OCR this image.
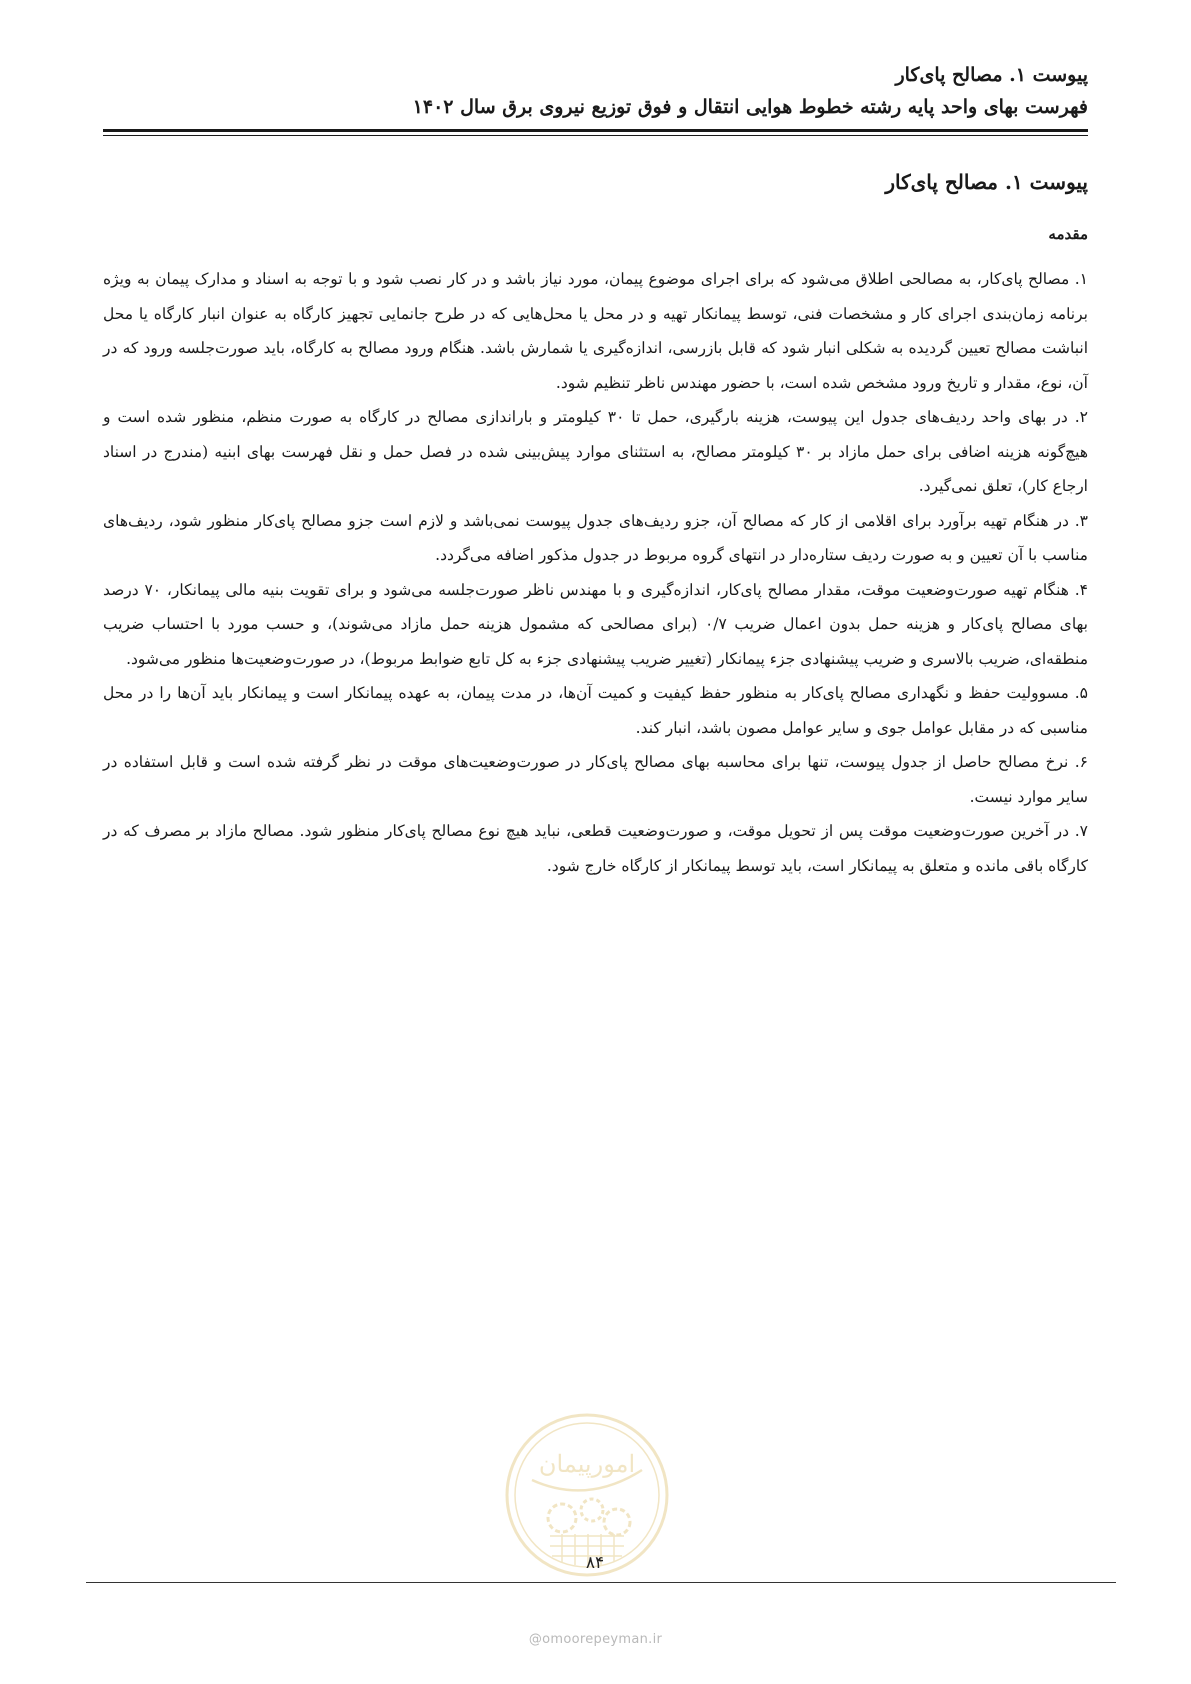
پیوست ۱. مصالح پای‌کار
فهرست بهای واحد پایه رشته خطوط هوایی انتقال و فوق توزیع نیروی برق سال ۱۴۰۲
پیوست ۱. مصالح پای‌کار
مقدمه

۱. مصالح پای‌کار، به مصالحی اطلاق می‌شود که برای اجرای موضوع پیمان، مورد نیاز باشد و در کار نصب شود و با توجه به اسناد و مدارک پیمان به ویژه برنامه زمان‌بندی اجرای کار و مشخصات فنی، توسط پیمانکار تهیه و در محل یا محل‌هایی که در طرح جانمایی تجهیز کارگاه به عنوان انبار کارگاه یا محل انباشت مصالح تعیین گردیده به شکلی انبار شود که قابل بازرسی، اندازه‌گیری یا شمارش باشد. هنگام ورود مصالح به کارگاه، باید صورت‌جلسه ورود که در آن، نوع، مقدار و تاریخ ورود مشخص شده است، با حضور مهندس ناظر تنظیم شود.

۲. در بهای واحد ردیف‌های جدول این پیوست، هزینه بارگیری، حمل تا ۳۰ کیلومتر و باراندازی مصالح در کارگاه به صورت منظم، منظور شده است و هیچ‌گونه هزینه اضافی برای حمل مازاد بر ۳۰ کیلومتر مصالح، به استثنای موارد پیش‌بینی شده در فصل حمل و نقل فهرست بهای ابنیه (مندرج در اسناد ارجاع کار)، تعلق نمی‌گیرد.

۳. در هنگام تهیه برآورد برای اقلامی از کار که مصالح آن، جزو ردیف‌های جدول پیوست نمی‌باشد و لازم است جزو مصالح پای‌کار منظور شود، ردیف‌های مناسب با آن تعیین و به صورت ردیف ستاره‌دار در انتهای گروه مربوط در جدول مذکور اضافه می‌گردد.

۴. هنگام تهیه صورت‌وضعیت موقت، مقدار مصالح پای‌کار، اندازه‌گیری و با مهندس ناظر صورت‌جلسه می‌شود و برای تقویت بنیه مالی پیمانکار، ۷۰ درصد بهای مصالح پای‌کار و هزینه حمل بدون اعمال ضریب ۰/۷ (برای مصالحی که مشمول هزینه حمل مازاد می‌شوند)، و حسب مورد با احتساب ضریب منطقه‌ای، ضریب بالاسری و ضریب پیشنهادی جزء پیمانکار (تغییر ضریب پیشنهادی جزء به کل تابع ضوابط مربوط)، در صورت‌وضعیت‌ها منظور می‌شود.

۵. مسوولیت حفظ و نگهداری مصالح پای‌کار به منظور حفظ کیفیت و کمیت آن‌ها، در مدت پیمان، به عهده پیمانکار است و پیمانکار باید آن‌ها را در محل مناسبی که در مقابل عوامل جوی و سایر عوامل مصون باشد، انبار کند.

۶. نرخ مصالح حاصل از جدول پیوست، تنها برای محاسبه بهای مصالح پای‌کار در صورت‌وضعیت‌های موقت در نظر گرفته شده است و قابل استفاده در سایر موارد نیست.

۷. در آخرین صورت‌وضعیت موقت پس از تحویل موقت، و صورت‌وضعیت قطعی، نباید هیچ نوع مصالح پای‌کار منظور شود. مصالح مازاد بر مصرف که در کارگاه باقی مانده و متعلق به پیمانکار است، باید توسط پیمانکار از کارگاه خارج شود.

امورپیمان
۸۴
@omoorepeyman.ir
